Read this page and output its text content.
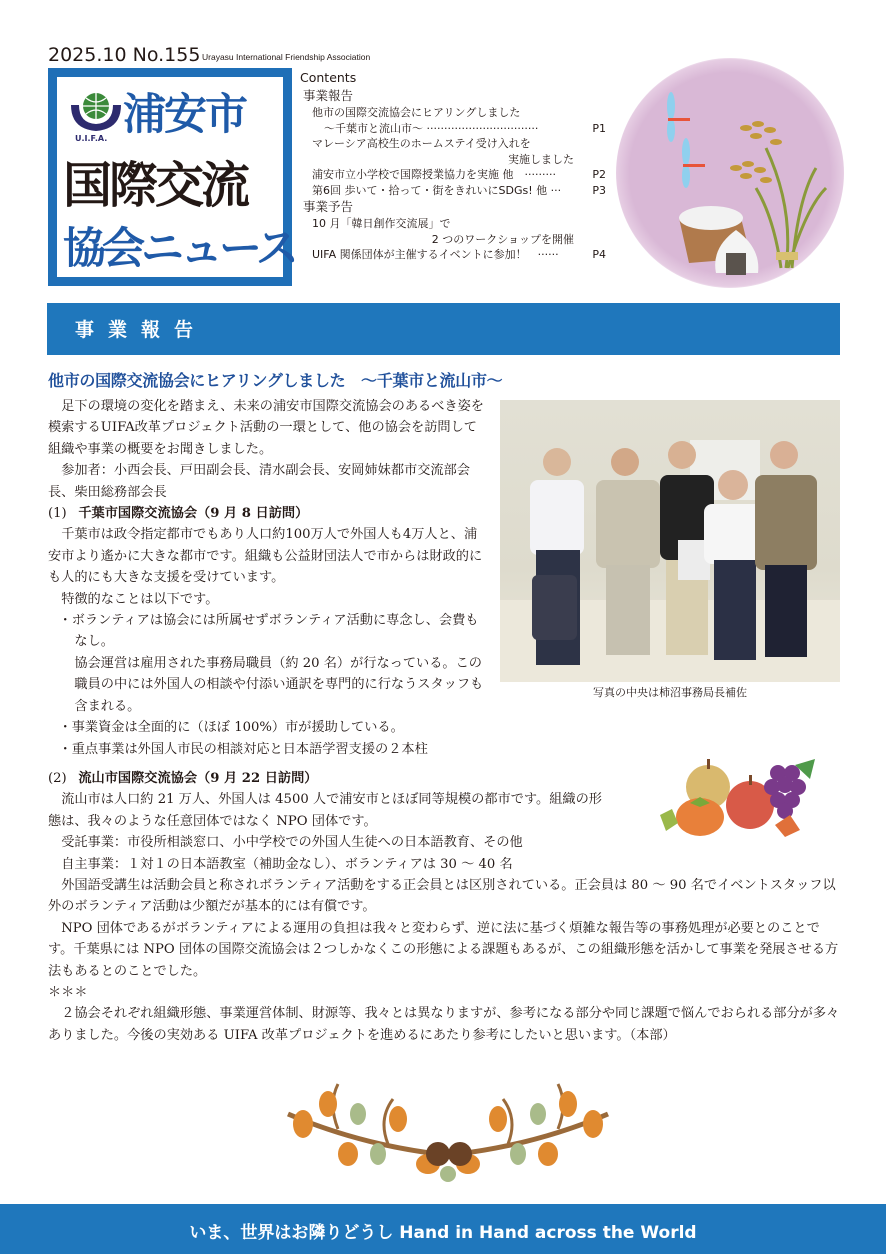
2025.10 No.155 Urayasu International Friendship Association
U.I.F.A. 浦安市
国際交流
協会ニュース
Contents
事業報告
他市の国際交流協会にヒアリングしました
〜千葉市と流山市〜 ································	P1
マレーシア高校生のホームステイ受け入れを
実施しました
浦安市立小学校で国際授業協力を実施 他　·········	P2
第6回 歩いて・拾って・街をきれいにSDGs! 他 ···	P3
事業予告
10 月「韓日創作交流展」で
2 つのワークショップを開催
UIFA 関係団体が主催するイベントに参加！　······	P4
事業報告
他市の国際交流協会にヒアリングしました　〜千葉市と流山市〜

足下の環境の変化を踏まえ、未来の浦安市国際交流協会のあるべき姿を模索するUIFA改革プロジェクト活動の一環として、他の協会を訪問して組織や事業の概要をお聞きしました。

参加者：小西会長、戸田副会長、清水副会長、安岡姉妹都市交流部会長、柴田総務部会長

(1) 千葉市国際交流協会（9 月 8 日訪問）

千葉市は政令指定都市でもあり人口約100万人で外国人も4万人と、浦安市より遙かに大きな都市です。組織も公益財団法人で市からは財政的にも人的にも大きな支援を受けています。

特徴的なことは以下です。

・ボランティアは協会には所属せずボランティア活動に専念し、会費もなし。

協会運営は雇用された事務局職員（約 20 名）が行なっている。この職員の中には外国人の相談や付添い通訳を専門的に行なうスタッフも含まれる。

・事業資金は全面的に（ほぼ 100%）市が援助している。

・重点事業は外国人市民の相談対応と日本語学習支援の２本柱

(2) 流山市国際交流協会（9 月 22 日訪問）

流山市は人口約 21 万人、外国人は 4500 人で浦安市とほぼ同等規模の都市です。組織の形態は、我々のような任意団体ではなく NPO 団体です。

受託事業：市役所相談窓口、小中学校での外国人生徒への日本語教育、その他

自主事業：１対１の日本語教室（補助金なし）、ボランティアは 30 〜 40 名

外国語受講生は活動会員と称されボランティア活動をする正会員とは区別されている。正会員は 80 〜 90 名でイベントスタッフ以外のボランティア活動は少額だが基本的には有償です。

NPO 団体であるがボランティアによる運用の負担は我々と変わらず、逆に法に基づく煩雑な報告等の事務処理が必要とのことです。千葉県には NPO 団体の国際交流協会は２つしかなくこの形態による課題もあるが、この組織形態を活かして事業を発展させる方法もあるとのことでした。

＊＊＊

２協会それぞれ組織形態、事業運営体制、財源等、我々とは異なりますが、参考になる部分や同じ課題で悩んでおられる部分が多々ありました。今後の実効ある UIFA 改革プロジェクトを進めるにあたり参考にしたいと思います。（本部）

写真の中央は柿沼事務局長補佐
いま、世界はお隣りどうし Hand in Hand across the World
